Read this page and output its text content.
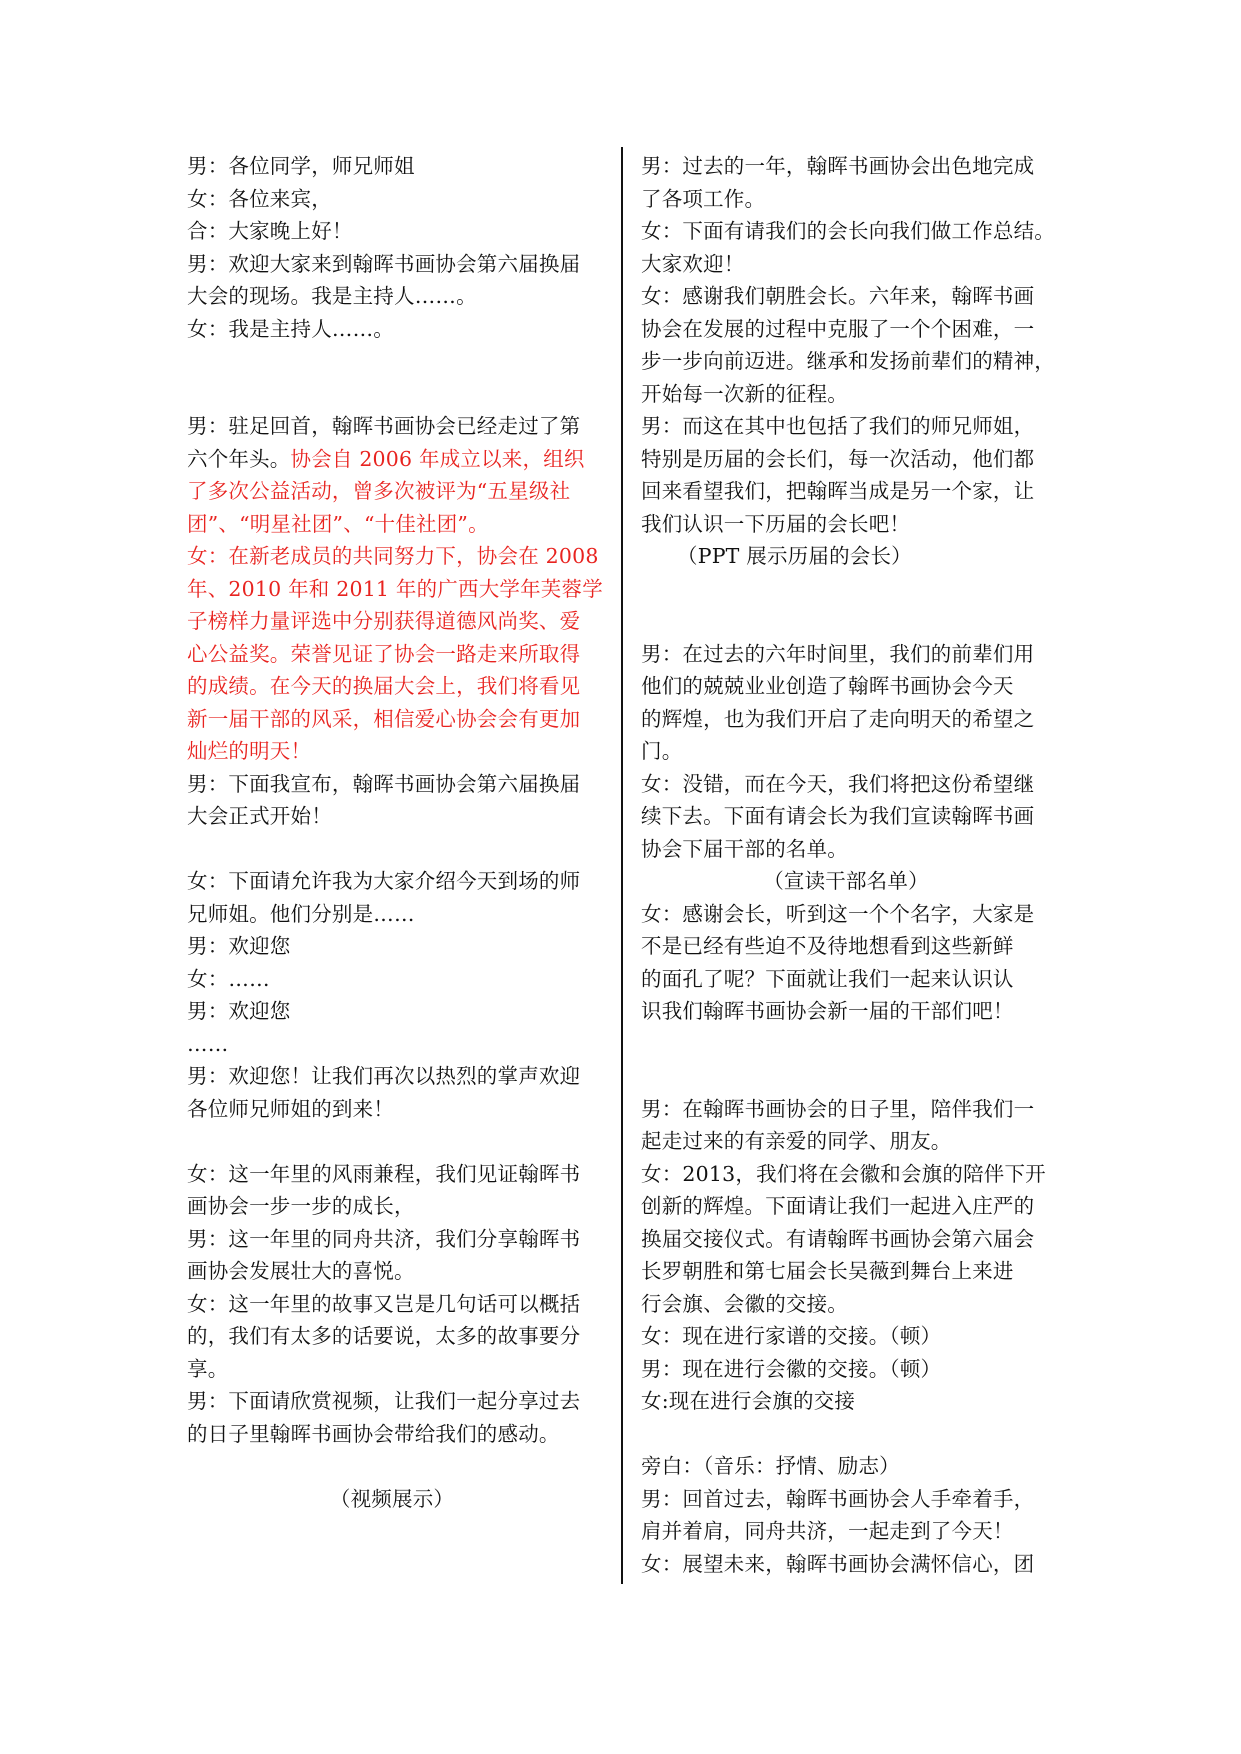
男：各位同学，师兄师姐
女：各位来宾，
合：大家晚上好！
男：欢迎大家来到翰晖书画协会第六届换届
大会的现场。我是主持人……。
女：我是主持人……。
男：驻足回首，翰晖书画协会已经走过了第
六个年头。协会自 2006 年成立以来，组织
了多次公益活动，曾多次被评为“五星级社
团”、“明星社团”、“十佳社团”。
女：在新老成员的共同努力下，协会在 2008
年、2010 年和 2011 年的广西大学年芙蓉学
子榜样力量评选中分别获得道德风尚奖、爱
心公益奖。荣誉见证了协会一路走来所取得
的成绩。在今天的换届大会上，我们将看见
新一届干部的风采，相信爱心协会会有更加
灿烂的明天！
男：下面我宣布，翰晖书画协会第六届换届
大会正式开始！
女：下面请允许我为大家介绍今天到场的师
兄师姐。他们分别是……
男：欢迎您
女：……
男：欢迎您
……
男：欢迎您！让我们再次以热烈的掌声欢迎
各位师兄师姐的到来！
女：这一年里的风雨兼程，我们见证翰晖书
画协会一步一步的成长，
男：这一年里的同舟共济，我们分享翰晖书
画协会发展壮大的喜悦。
女：这一年里的故事又岂是几句话可以概括
的，我们有太多的话要说，太多的故事要分
享。
男：下面请欣赏视频，让我们一起分享过去
的日子里翰晖书画协会带给我们的感动。
（视频展示）
男：过去的一年，翰晖书画协会出色地完成
了各项工作。
女：下面有请我们的会长向我们做工作总结。
大家欢迎！
女：感谢我们朝胜会长。六年来，翰晖书画
协会在发展的过程中克服了一个个困难，一
步一步向前迈进。继承和发扬前辈们的精神，
开始每一次新的征程。
男：而这在其中也包括了我们的师兄师姐，
特别是历届的会长们，每一次活动，他们都
回来看望我们，把翰晖当成是另一个家，让
我们认识一下历届的会长吧！
（PPT 展示历届的会长）
男：在过去的六年时间里，我们的前辈们用
他们的兢兢业业创造了翰晖书画协会今天
的辉煌，也为我们开启了走向明天的希望之
门。
女：没错，而在今天，我们将把这份希望继
续下去。下面有请会长为我们宣读翰晖书画
协会下届干部的名单。
（宣读干部名单）
女：感谢会长，听到这一个个名字，大家是
不是已经有些迫不及待地想看到这些新鲜
的面孔了呢？下面就让我们一起来认识认
识我们翰晖书画协会新一届的干部们吧！
男：在翰晖书画协会的日子里，陪伴我们一
起走过来的有亲爱的同学、朋友。
女：2013，我们将在会徽和会旗的陪伴下开
创新的辉煌。下面请让我们一起进入庄严的
换届交接仪式。有请翰晖书画协会第六届会
长罗朝胜和第七届会长吴薇到舞台上来进
行会旗、会徽的交接。
女：现在进行家谱的交接。（顿）
男：现在进行会徽的交接。（顿）
女:现在进行会旗的交接
旁白：（音乐：抒情、励志）
男：回首过去，翰晖书画协会人手牵着手，
肩并着肩，同舟共济，一起走到了今天！
女：展望未来，翰晖书画协会满怀信心，团
